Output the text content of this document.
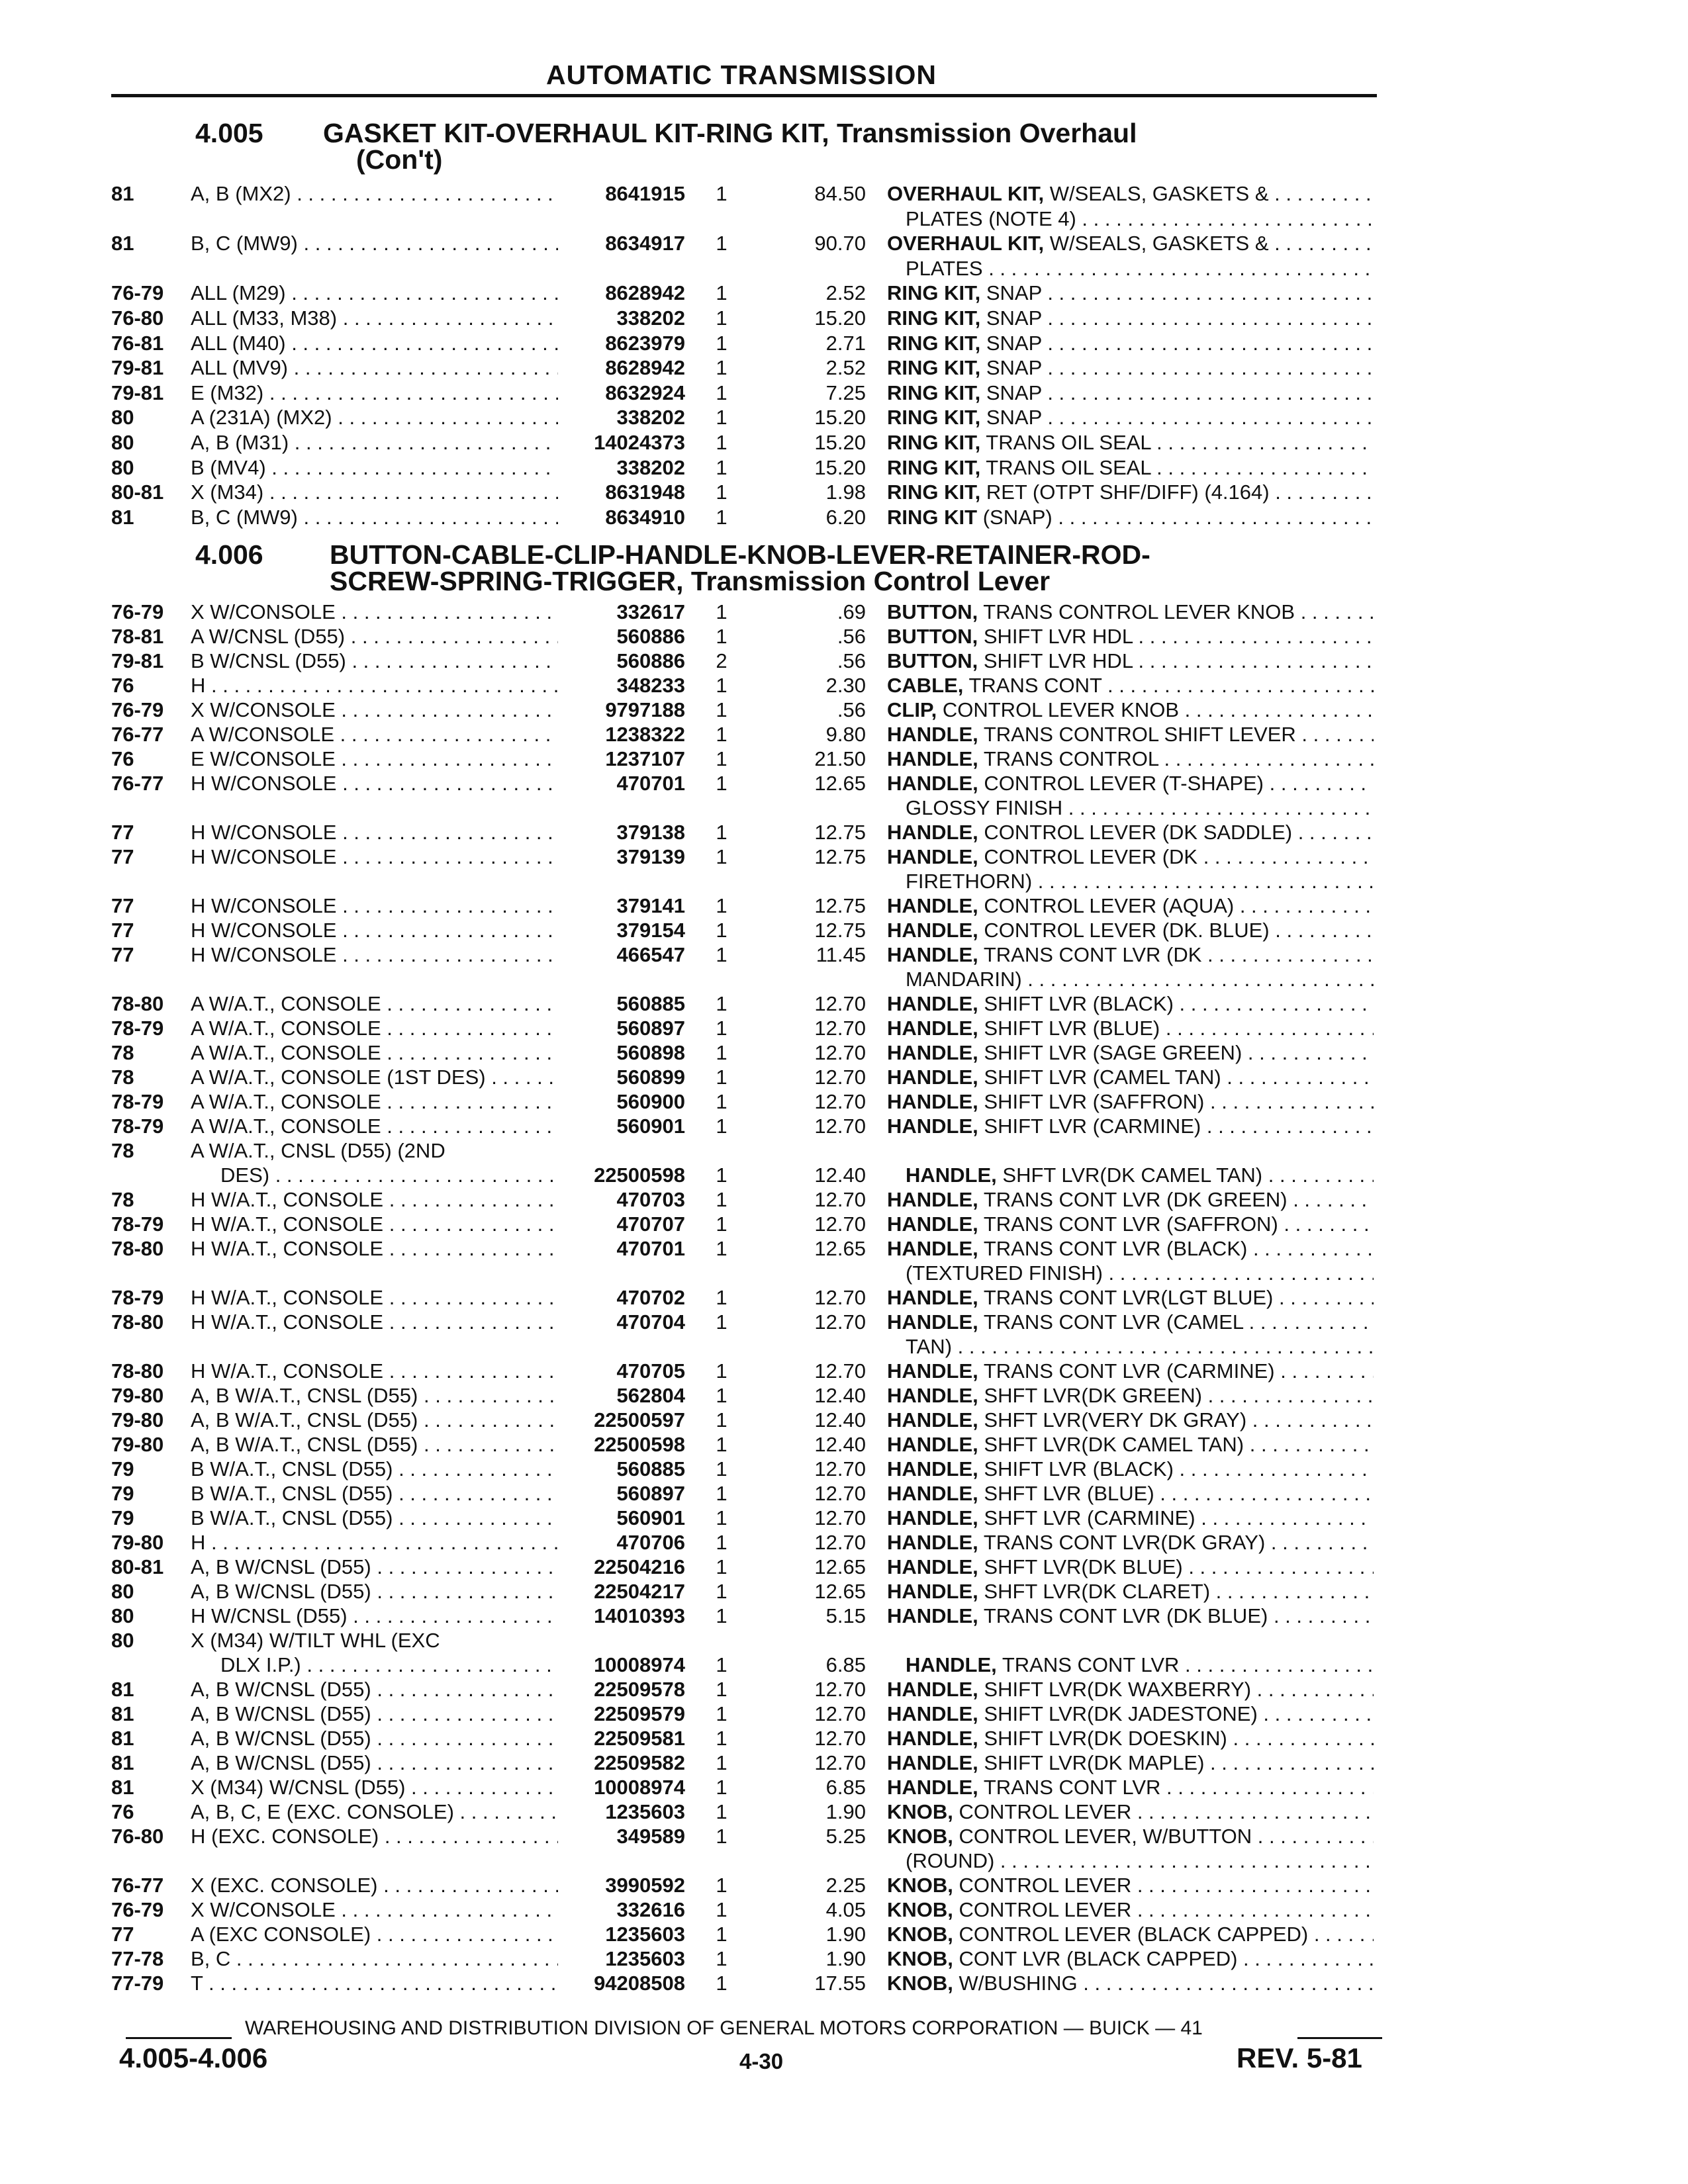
AUTOMATIC TRANSMISSION
4.005 GASKET KIT-OVERHAUL KIT-RING KIT, Transmission Overhaul
(Con't)
81	A, B (MX2) . . .	8641915	1	84.50 OVERHAUL KIT, W/SEALS, GASKETS & . . .
PLATES (NOTE 4) . . .
81	B, C (MW9) . . .	8634917	1	90.70 OVERHAUL KIT, W/SEALS, GASKETS & . . .
PLATES . . .
76-79	ALL (M29) . . .	8628942	1	2.52 RING KIT, SNAP . . .
76-80	ALL (M33, M38) . . .	338202	1	15.20 RING KIT, SNAP . . .
76-81	ALL (M40) . . .	8623979	1	2.71 RING KIT, SNAP . . .
79-81	ALL (MV9) . . .	8628942	1	2.52 RING KIT, SNAP . . .
79-81	E (M32) . . .	8632924	1	7.25 RING KIT, SNAP . . .
80	A (231A) (MX2) . . .	338202	1	15.20 RING KIT, SNAP . . .
80	A, B (M31) . . .	14024373	1	15.20 RING KIT, TRANS OIL SEAL . . .
80	B (MV4) . . .	338202	1	15.20 RING KIT, TRANS OIL SEAL . . .
80-81	X (M34) . . .	8631948	1	1.98 RING KIT, RET (OTPT SHF/DIFF) (4.164) . . .
81	B, C (MW9) . . .	8634910	1	6.20 RING KIT (SNAP) . . .
4.006 BUTTON-CABLE-CLIP-HANDLE-KNOB-LEVER-RETAINER-ROD-
SCREW-SPRING-TRIGGER, Transmission Control Lever
76-79	X W/CONSOLE . . .	332617	1	.69 BUTTON, TRANS CONTROL LEVER KNOB . . .
78-81	A W/CNSL (D55) . . .	560886	1	.56 BUTTON, SHIFT LVR HDL . . .
79-81	B W/CNSL (D55) . . .	560886	2	.56 BUTTON, SHIFT LVR HDL . . .
76	H . . .	348233	1	2.30 CABLE, TRANS CONT . . .
76-79	X W/CONSOLE . . .	9797188	1	.56 CLIP, CONTROL LEVER KNOB . . .
76-77	A W/CONSOLE . . .	1238322	1	9.80 HANDLE, TRANS CONTROL SHIFT LEVER . . .
76	E W/CONSOLE . . .	1237107	1	21.50 HANDLE, TRANS CONTROL . . .
76-77	H W/CONSOLE . . .	470701	1	12.65 HANDLE, CONTROL LEVER (T-SHAPE) . . .
GLOSSY FINISH . . .
77	H W/CONSOLE . . .	379138	1	12.75 HANDLE, CONTROL LEVER (DK SADDLE) . . .
77	H W/CONSOLE . . .	379139	1	12.75 HANDLE, CONTROL LEVER (DK . . .
FIRETHORN) . . .
77	H W/CONSOLE . . .	379141	1	12.75 HANDLE, CONTROL LEVER (AQUA) . . .
77	H W/CONSOLE . . .	379154	1	12.75 HANDLE, CONTROL LEVER (DK. BLUE) . . .
77	H W/CONSOLE . . .	466547	1	11.45 HANDLE, TRANS CONT LVR (DK . . .
MANDARIN) . . .
78-80	A W/A.T., CONSOLE . . .	560885	1	12.70 HANDLE, SHIFT LVR (BLACK) . . .
78-79	A W/A.T., CONSOLE . . .	560897	1	12.70 HANDLE, SHIFT LVR (BLUE) . . .
78	A W/A.T., CONSOLE . . .	560898	1	12.70 HANDLE, SHIFT LVR (SAGE GREEN) . . .
78	A W/A.T., CONSOLE (1ST DES) . . .	560899	1	12.70 HANDLE, SHIFT LVR (CAMEL TAN) . . .
78-79	A W/A.T., CONSOLE . . .	560900	1	12.70 HANDLE, SHIFT LVR (SAFFRON) . . .
78-79	A W/A.T., CONSOLE . . .	560901	1	12.70 HANDLE, SHIFT LVR (CARMINE) . . .
78	A W/A.T., CNSL (D55) (2ND
DES) . . .	22500598	1	12.40	HANDLE, SHFT LVR(DK CAMEL TAN) . . .
78	H W/A.T., CONSOLE . . .	470703	1	12.70 HANDLE, TRANS CONT LVR (DK GREEN) . . .
78-79	H W/A.T., CONSOLE . . .	470707	1	12.70 HANDLE, TRANS CONT LVR (SAFFRON) . . .
78-80	H W/A.T., CONSOLE . . .	470701	1	12.65 HANDLE, TRANS CONT LVR (BLACK) . . .
(TEXTURED FINISH) . . .
78-79	H W/A.T., CONSOLE . . .	470702	1	12.70 HANDLE, TRANS CONT LVR(LGT BLUE) . . .
78-80	H W/A.T., CONSOLE . . .	470704	1	12.70 HANDLE, TRANS CONT LVR (CAMEL . . .
TAN) . . .
78-80	H W/A.T., CONSOLE . . .	470705	1	12.70 HANDLE, TRANS CONT LVR (CARMINE) . . .
79-80	A, B W/A.T., CNSL (D55) . . .	562804	1	12.40 HANDLE, SHFT LVR(DK GREEN) . . .
79-80	A, B W/A.T., CNSL (D55) . . .	22500597	1	12.40 HANDLE, SHFT LVR(VERY DK GRAY) . . .
79-80	A, B W/A.T., CNSL (D55) . . .	22500598	1	12.40 HANDLE, SHFT LVR(DK CAMEL TAN) . . .
79	B W/A.T., CNSL (D55) . . .	560885	1	12.70 HANDLE, SHIFT LVR (BLACK) . . .
79	B W/A.T., CNSL (D55) . . .	560897	1	12.70 HANDLE, SHFT LVR (BLUE) . . .
79	B W/A.T., CNSL (D55) . . .	560901	1	12.70 HANDLE, SHFT LVR (CARMINE) . . .
79-80	H . . .	470706	1	12.70 HANDLE, TRANS CONT LVR(DK GRAY) . . .
80-81	A, B W/CNSL (D55) . . .	22504216	1	12.65 HANDLE, SHFT LVR(DK BLUE) . . .
80	A, B W/CNSL (D55) . . .	22504217	1	12.65 HANDLE, SHFT LVR(DK CLARET) . . .
80	H W/CNSL (D55) . . .	14010393	1	5.15 HANDLE, TRANS CONT LVR (DK BLUE) . . .
80	X (M34) W/TILT WHL (EXC
DLX I.P.) . . .	10008974	1	6.85	HANDLE, TRANS CONT LVR . . .
81	A, B W/CNSL (D55) . . .	22509578	1	12.70 HANDLE, SHIFT LVR(DK WAXBERRY) . . .
81	A, B W/CNSL (D55) . . .	22509579	1	12.70 HANDLE, SHIFT LVR(DK JADESTONE) . . .
81	A, B W/CNSL (D55) . . .	22509581	1	12.70 HANDLE, SHIFT LVR(DK DOESKIN) . . .
81	A, B W/CNSL (D55) . . .	22509582	1	12.70 HANDLE, SHIFT LVR(DK MAPLE) . . .
81	X (M34) W/CNSL (D55) . . .	10008974	1	6.85 HANDLE, TRANS CONT LVR . . .
76	A, B, C, E (EXC. CONSOLE) . . .	1235603	1	1.90 KNOB, CONTROL LEVER . . .
76-80	H (EXC. CONSOLE) . . .	349589	1	5.25 KNOB, CONTROL LEVER, W/BUTTON . . .
(ROUND) . . .
76-77	X (EXC. CONSOLE) . . .	3990592	1	2.25 KNOB, CONTROL LEVER . . .
76-79	X W/CONSOLE . . .	332616	1	4.05 KNOB, CONTROL LEVER . . .
77	A (EXC CONSOLE) . . .	1235603	1	1.90 KNOB, CONTROL LEVER (BLACK CAPPED) . . .
77-78	B, C . . .	1235603	1	1.90 KNOB, CONT LVR (BLACK CAPPED) . . .
77-79	T . . .	94208508	1	17.55 KNOB, W/BUSHING . . .
WAREHOUSING AND DISTRIBUTION DIVISION OF GENERAL MOTORS CORPORATION — BUICK — 41
4.005-4.006	4-30	REV. 5-81
